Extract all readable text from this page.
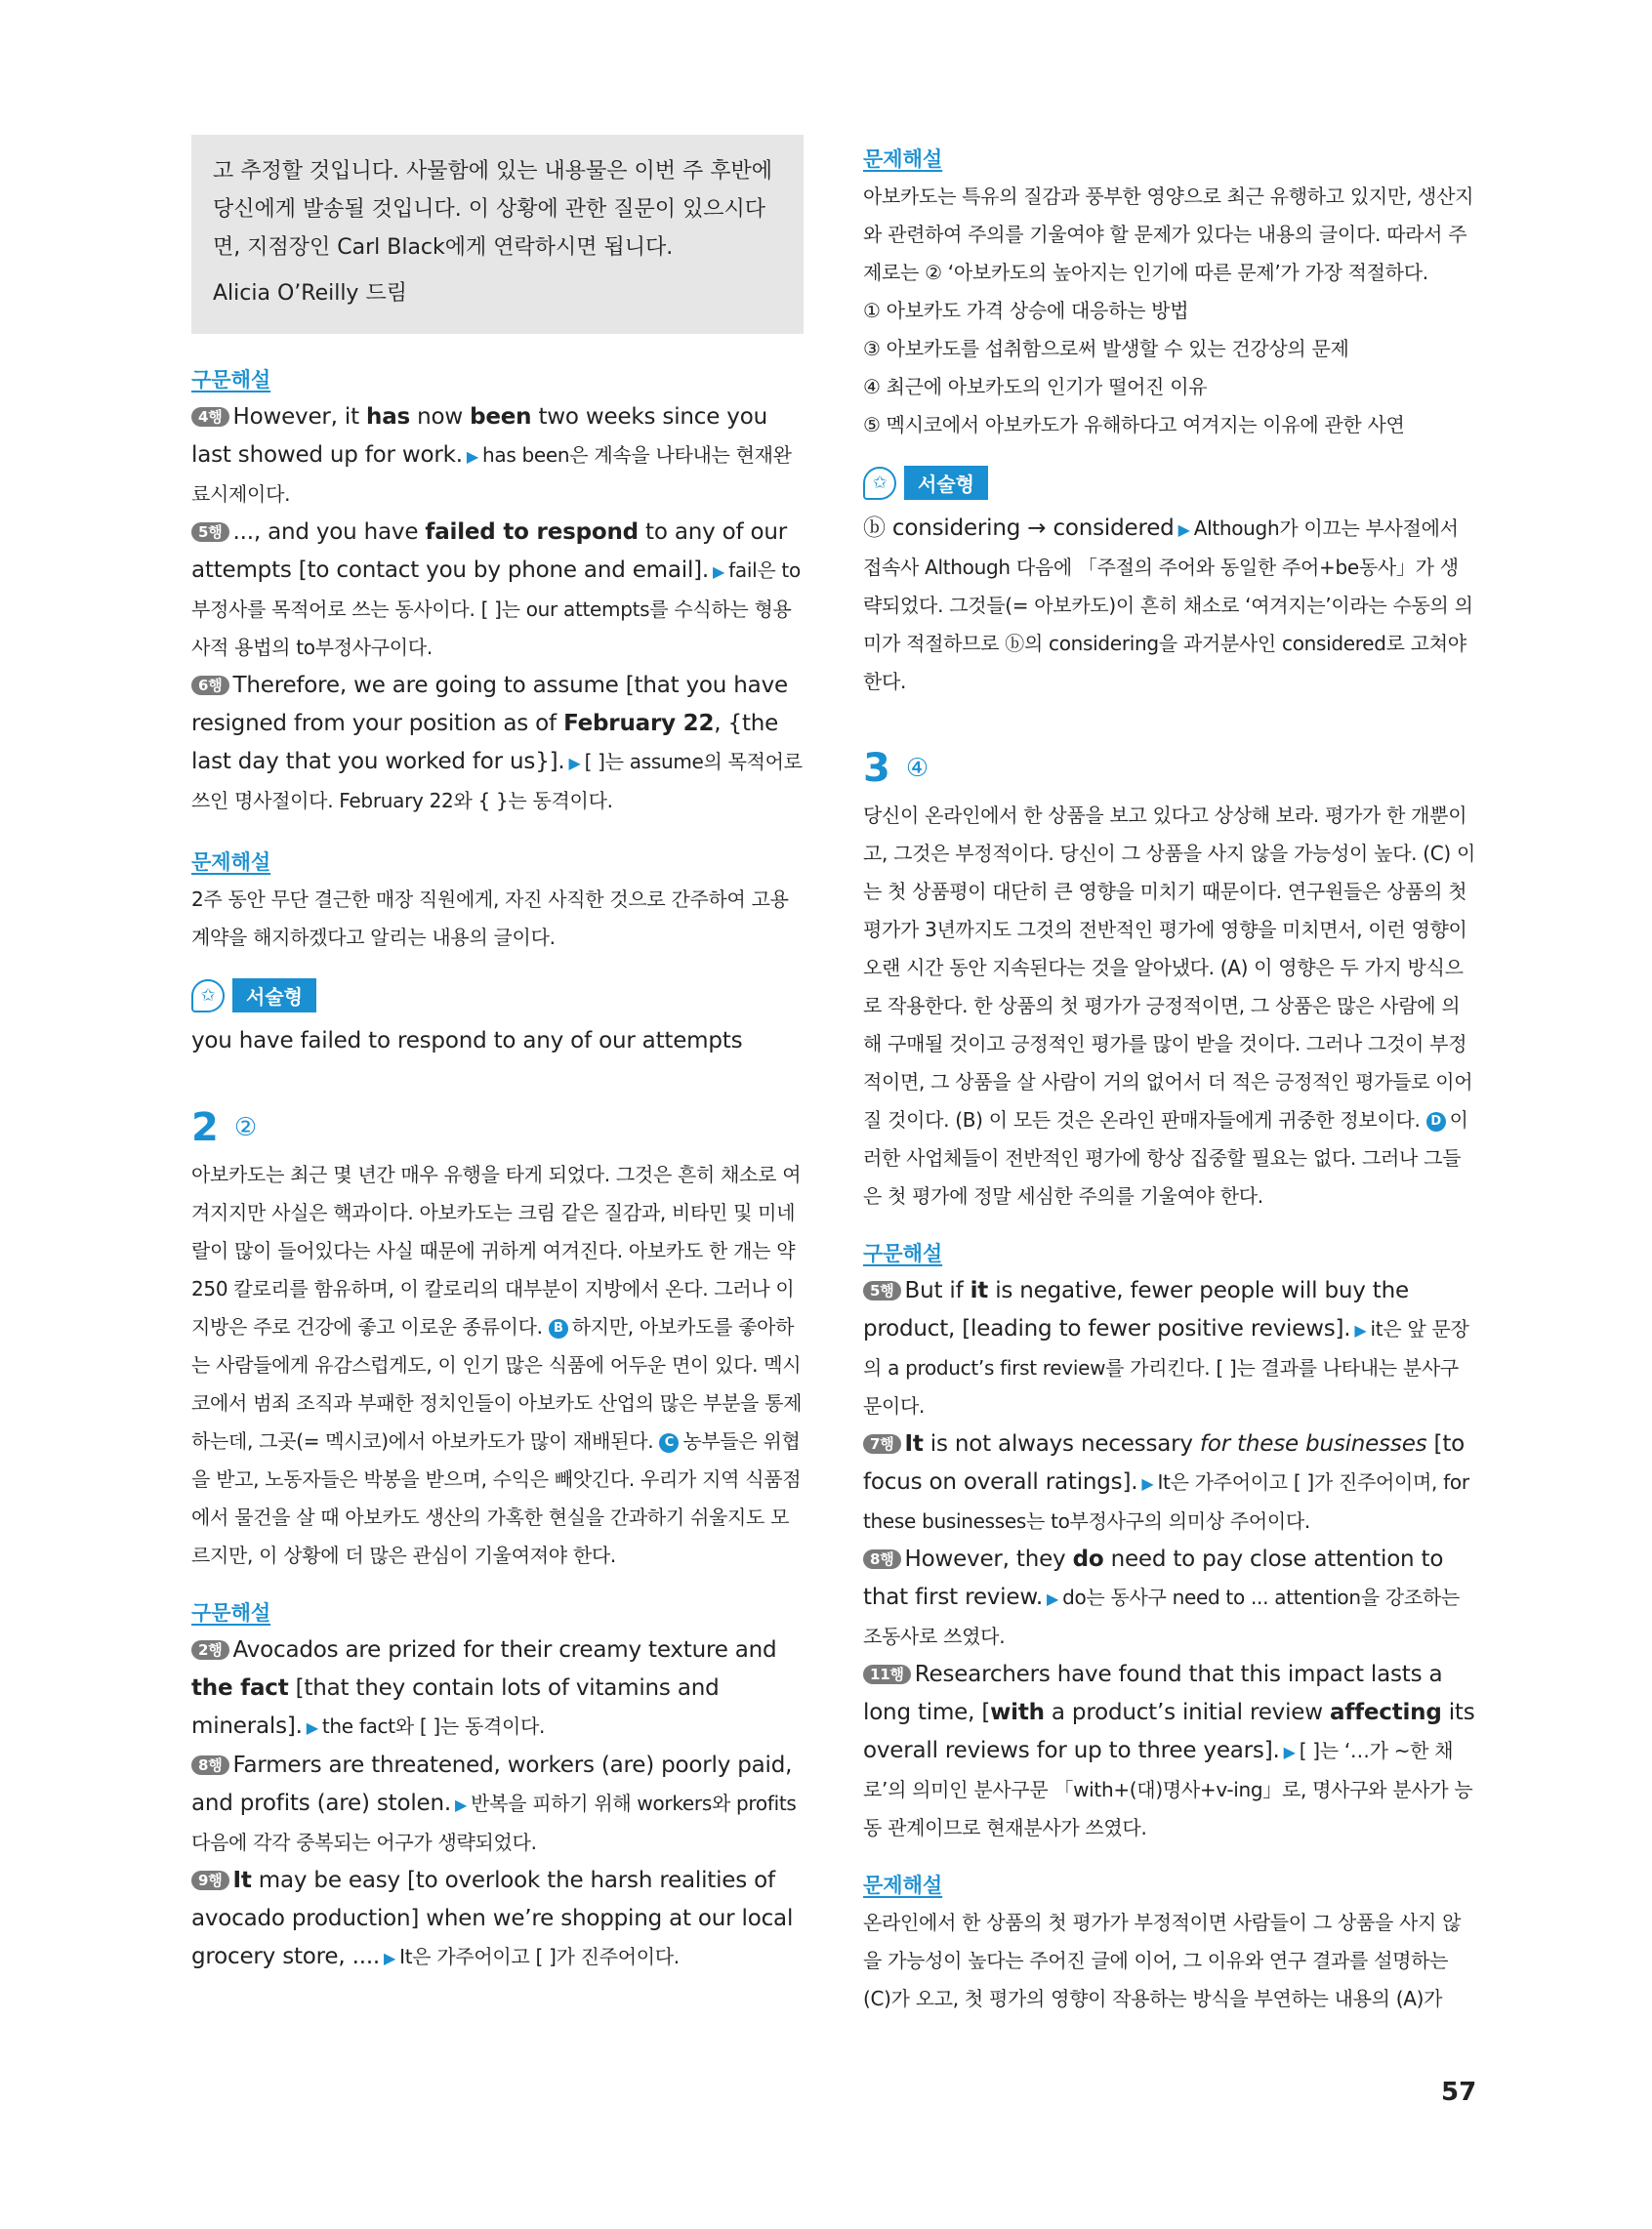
고 추정할 것입니다. 사물함에 있는 내용물은 이번 주 후반에 당신에게 발송될 것입니다. 이 상황에 관한 질문이 있으시다면, 지점장인 Carl Black에게 연락하시면 됩니다.

Alicia O’Reilly 드림

구문해설

4행 However, it has now been two weeks since you last showed up for work. ▶ has been은 계속을 나타내는 현재완료시제이다.

5행 ..., and you have failed to respond to any of our attempts [to contact you by phone and email]. ▶ fail은 to부정사를 목적어로 쓰는 동사이다. [ ]는 our attempts를 수식하는 형용사적 용법의 to부정사구이다.

6행 Therefore, we are going to assume [that you have resigned from your position as of February 22, {the last day that you worked for us}]. ▶ [ ]는 assume의 목적어로 쓰인 명사절이다. February 22와 { }는 동격이다.

문제해설

2주 동안 무단 결근한 매장 직원에게, 자진 사직한 것으로 간주하여 고용 계약을 해지하겠다고 알리는 내용의 글이다.

✩	서술형

you have failed to respond to any of our attempts

2 ②

아보카도는 최근 몇 년간 매우 유행을 타게 되었다. 그것은 흔히 채소로 여겨지지만 사실은 핵과이다. 아보카도는 크림 같은 질감과, 비타민 및 미네랄이 많이 들어있다는 사실 때문에 귀하게 여겨진다. 아보카도 한 개는 약 250 칼로리를 함유하며, 이 칼로리의 대부분이 지방에서 온다. 그러나 이 지방은 주로 건강에 좋고 이로운 종류이다. B 하지만, 아보카도를 좋아하는 사람들에게 유감스럽게도, 이 인기 많은 식품에 어두운 면이 있다. 멕시코에서 범죄 조직과 부패한 정치인들이 아보카도 산업의 많은 부분을 통제하는데, 그곳(= 멕시코)에서 아보카도가 많이 재배된다. C 농부들은 위협을 받고, 노동자들은 박봉을 받으며, 수익은 빼앗긴다. 우리가 지역 식품점에서 물건을 살 때 아보카도 생산의 가혹한 현실을 간과하기 쉬울지도 모르지만, 이 상황에 더 많은 관심이 기울여져야 한다.

구문해설

2행 Avocados are prized for their creamy texture and the fact [that they contain lots of vitamins and minerals]. ▶ the fact와 [ ]는 동격이다.

8행 Farmers are threatened, workers (are) poorly paid, and profits (are) stolen. ▶ 반복을 피하기 위해 workers와 profits 다음에 각각 중복되는 어구가 생략되었다.

9행 It may be easy [to overlook the harsh realities of avocado production] when we’re shopping at our local grocery store, .... ▶ It은 가주어이고 [ ]가 진주어이다.

문제해설

아보카도는 특유의 질감과 풍부한 영양으로 최근 유행하고 있지만, 생산지와 관련하여 주의를 기울여야 할 문제가 있다는 내용의 글이다. 따라서 주제로는 ② ‘아보카도의 높아지는 인기에 따른 문제’가 가장 적절하다.

① 아보카도 가격 상승에 대응하는 방법

③ 아보카도를 섭취함으로써 발생할 수 있는 건강상의 문제

④ 최근에 아보카도의 인기가 떨어진 이유

⑤ 멕시코에서 아보카도가 유해하다고 여겨지는 이유에 관한 사연

✩	서술형

ⓑ considering → considered ▶ Although가 이끄는 부사절에서 접속사 Although 다음에 「주절의 주어와 동일한 주어+be동사」가 생략되었다. 그것들(= 아보카도)이 흔히 채소로 ‘여겨지는’이라는 수동의 의미가 적절하므로 ⓑ의 considering을 과거분사인 considered로 고쳐야 한다.

3 ④

당신이 온라인에서 한 상품을 보고 있다고 상상해 보라. 평가가 한 개뿐이고, 그것은 부정적이다. 당신이 그 상품을 사지 않을 가능성이 높다. (C) 이는 첫 상품평이 대단히 큰 영향을 미치기 때문이다. 연구원들은 상품의 첫 평가가 3년까지도 그것의 전반적인 평가에 영향을 미치면서, 이런 영향이 오랜 시간 동안 지속된다는 것을 알아냈다. (A) 이 영향은 두 가지 방식으로 작용한다. 한 상품의 첫 평가가 긍정적이면, 그 상품은 많은 사람에 의해 구매될 것이고 긍정적인 평가를 많이 받을 것이다. 그러나 그것이 부정적이면, 그 상품을 살 사람이 거의 없어서 더 적은 긍정적인 평가들로 이어질 것이다. (B) 이 모든 것은 온라인 판매자들에게 귀중한 정보이다. D 이러한 사업체들이 전반적인 평가에 항상 집중할 필요는 없다. 그러나 그들은 첫 평가에 정말 세심한 주의를 기울여야 한다.

구문해설

5행 But if it is negative, fewer people will buy the product, [leading to fewer positive reviews]. ▶ it은 앞 문장의 a product’s first review를 가리킨다. [ ]는 결과를 나타내는 분사구문이다.

7행 It is not always necessary for these businesses [to focus on overall ratings]. ▶ It은 가주어이고 [ ]가 진주어이며, for these businesses는 to부정사구의 의미상 주어이다.

8행 However, they do need to pay close attention to that first review. ▶ do는 동사구 need to ... attention을 강조하는 조동사로 쓰였다.

11행 Researchers have found that this impact lasts a long time, [with a product’s initial review affecting its overall reviews for up to three years]. ▶ [ ]는 ‘…가 ~한 채로’의 의미인 분사구문 「with+(대)명사+v-ing」로, 명사구와 분사가 능동 관계이므로 현재분사가 쓰였다.

문제해설

온라인에서 한 상품의 첫 평가가 부정적이면 사람들이 그 상품을 사지 않을 가능성이 높다는 주어진 글에 이어, 그 이유와 연구 결과를 설명하는 (C)가 오고, 첫 평가의 영향이 작용하는 방식을 부연하는 내용의 (A)가

57
